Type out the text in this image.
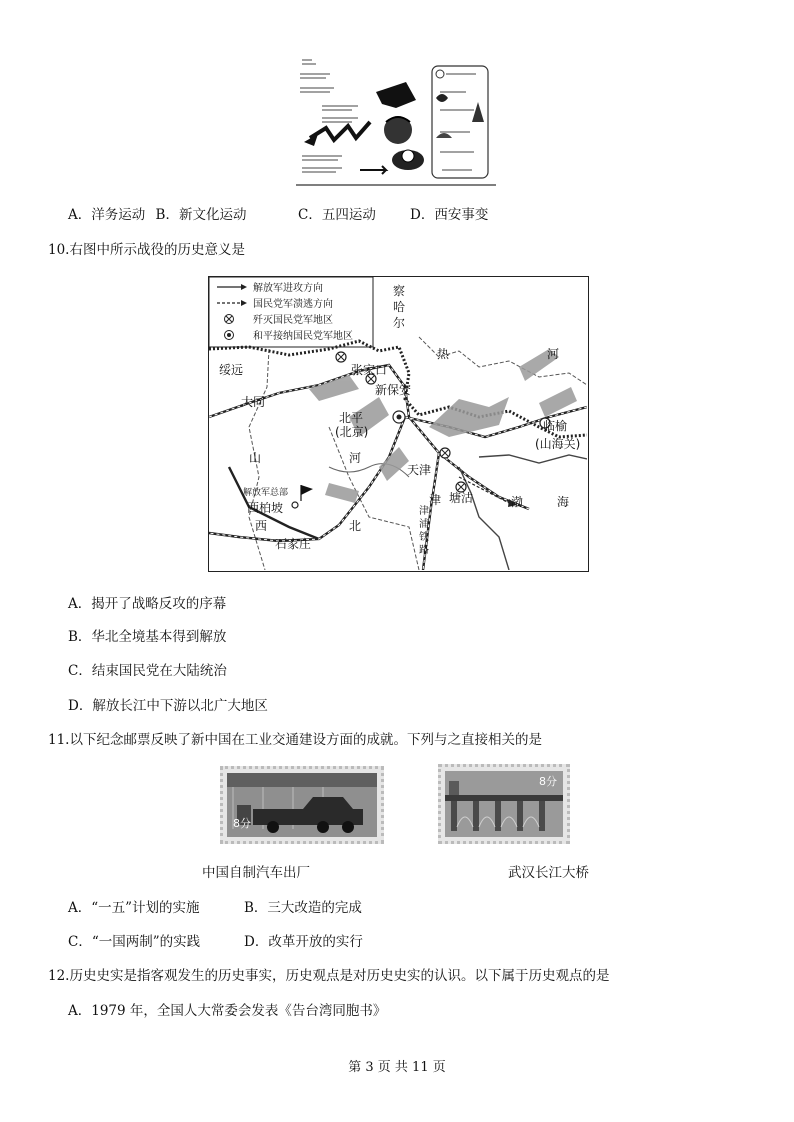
A．洋务运动 B．新文化运动	C．五四运动	D．西安事变
10.右图中所示战役的历史意义是
解放军进攻方向
国民党军溃逃方向
歼灭国民党军地区
和平接纳国民党军地区
察哈尔
热	河
绥远	张家口
新保安
大同
北平
(北京)	临榆
(山海关)
山	河
天津
塘沽
津	渤	海
解放军总部
西柏坡
西	北
石家庄
津浦铁路
A．揭开了战略反攻的序幕
B．华北全境基本得到解放
C．结束国民党在大陆统治
D．解放长江中下游以北广大地区
11.以下纪念邮票反映了新中国在工业交通建设方面的成就。下列与之直接相关的是
8分
8分
中国自制汽车出厂	武汉长江大桥
A．“一五”计划的实施	B．三大改造的完成
C．“一国两制”的实践	D．改革开放的实行
12.历史史实是指客观发生的历史事实，历史观点是对历史史实的认识。以下属于历史观点的是
A．1979 年，全国人大常委会发表《告台湾同胞书》
第 3 页 共 11 页
